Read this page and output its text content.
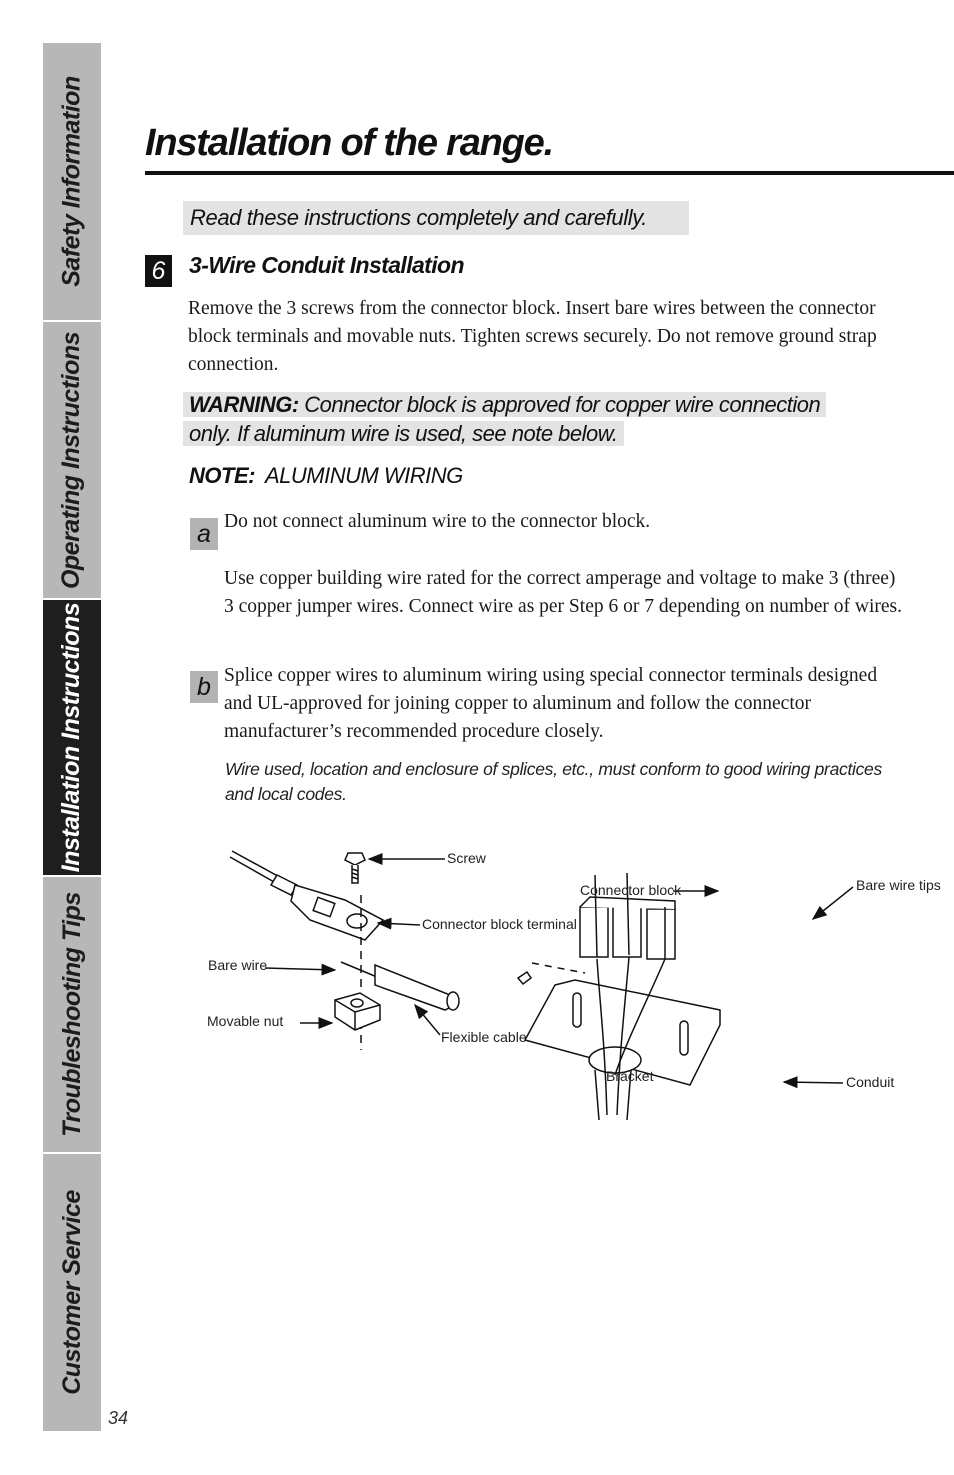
Safety Information
Operating Instructions
Installation Instructions
Troubleshooting Tips
Customer Service
34
Installation of the range.
Read these instructions completely and carefully.
6 3-Wire Conduit Installation
Remove the 3 screws from the connector block. Insert bare wires between the connector block terminals and movable nuts. Tighten screws securely. Do not remove ground strap connection.
WARNING: Connector block is approved for copper wire connection
only. If aluminum wire is used, see note below.
NOTE: ALUMINUM WIRING
a Do not connect aluminum wire to the connector block.
Use copper building wire rated for the correct amperage and voltage to make 3 (three) 3 copper jumper wires. Connect wire as per Step 6 or 7 depending on number of wires.
b Splice copper wires to aluminum wiring using special connector terminals designed and UL-approved for joining copper to aluminum and follow the connector manufacturer’s recommended procedure closely.
Wire used, location and enclosure of splices, etc., must conform to good wiring practices and local codes.
Screw
Connector block terminal
Bare wire
Movable nut
Flexible cable
Connector block	Bare wire tips
Bracket	Conduit
